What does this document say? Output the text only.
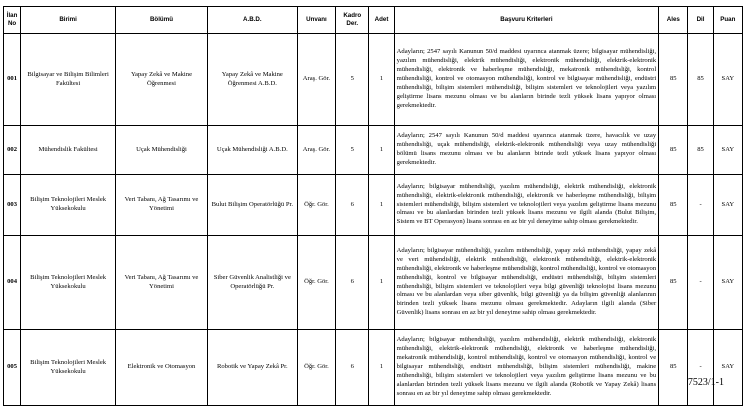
İlan No	Birimi	Bölümü	A.B.D.	Unvanı	Kadro Der.	Adet	Başvuru Kriterleri	Ales	Dil	Puan
001	Bilgisayar ve Bilişim Bilimleri Fakültesi	Yapay Zekâ ve Makine Öğrenmesi	Yapay Zekâ ve Makine Öğrenmesi A.B.D.	Araş. Gör.	5	1	Adayların; 2547 sayılı Kanunun 50/d maddesi uyarınca atanmak üzere; bilgisayar mühendisliği, yazılım mühendisliği, elektrik mühendisliği, elektronik mühendisliği, elektrik-elektronik mühendisliği, elektronik ve haberleşme mühendisliği, mekatronik mühendisliği, kontrol mühendisliği, kontrol ve otomasyon mühendisliği, kontrol ve bilgisayar mühendisliği, endüstri mühendisliği, bilişim sistemleri mühendisliği, bilişim sistemleri ve teknolojileri veya yazılım geliştirme lisans mezunu olması ve bu alanların birinde tezli yüksek lisans yapıyor olması gerekmektedir.	85	85	SAY
002	Mühendislik Fakültesi	Uçak Mühendisliği	Uçak Mühendisliği A.B.D.	Araş. Gör.	5	1	Adayların; 2547 sayılı Kanunun 50/d maddesi uyarınca atanmak üzere, havacılık ve uzay mühendisliği, uçak mühendisliği, elektrik-elektronik mühendisliği veya uzay mühendisliği bölümü lisans mezunu olması ve bu alanların birinde tezli yüksek lisans yapıyor olması gerekmektedir.	85	85	SAY
003	Bilişim Teknolojileri Meslek Yüksekokulu	Veri Tabanı, Ağ Tasarımı ve Yönetimi	Bulut Bilişim Operatörlüğü Pr.	Öğr. Gör.	6	1	Adayların; bilgisayar mühendisliği, yazılım mühendisliği, elektrik mühendisliği, elektronik mühendisliği, elektrik-elektronik mühendisliği, elektronik ve haberleşme mühendisliği, bilişim sistemleri mühendisliği, bilişim sistemleri ve teknolojileri veya yazılım geliştirme lisans mezunu olması ve bu alanlardan birinden tezli yüksek lisans mezunu ve ilgili alanda (Bulut Bilişim, Sistem ve BT Operasyon) lisans sonrası en az bir yıl deneyime sahip olması gerekmektedir.	85	-	SAY
004	Bilişim Teknolojileri Meslek Yüksekokulu	Veri Tabanı, Ağ Tasarımı ve Yönetimi	Siber Güvenlik Analistliği ve Operatörlüğü Pr.	Öğr. Gör.	6	1	Adayların; bilgisayar mühendisliği, yazılım mühendisliği, yapay zekâ mühendisliği, yapay zekâ ve veri mühendisliği, elektrik mühendisliği, elektronik mühendisliği, elektrik-elektronik mühendisliği, elektronik ve haberleşme mühendisliği, kontrol mühendisliği, kontrol ve otomasyon mühendisliği, kontrol ve bilgisayar mühendisliği, endüstri mühendisliği, bilişim sistemleri mühendisliği, bilişim sistemleri ve teknolojileri veya bilgi güvenliği teknolojisi lisans mezunu olması ve bu alanlardan veya siber güvenlik, bilgi güvenliği ya da bilişim güvenliği alanlarının birinden tezli yüksek lisans mezunu olması gerekmektedir. Adayların ilgili alanda (Siber Güvenlik) lisans sonrası en az bir yıl deneyime sahip olması gerekmektedir.	85	-	SAY
005	Bilişim Teknolojileri Meslek Yüksekokulu	Elektronik ve Otomasyon	Robotik ve Yapay Zekâ Pr.	Öğr. Gör.	6	1	Adayların; bilgisayar mühendisliği, yazılım mühendisliği, elektrik mühendisliği, elektronik mühendisliği, elektrik-elektronik mühendisliği, elektronik ve haberleşme mühendisliği, mekatronik mühendisliği, kontrol mühendisliği, kontrol ve otomasyon mühendisliği, kontrol ve bilgisayar mühendisliği, endüstri mühendisliği, bilişim sistemleri mühendisliği, makine mühendisliği, bilişim sistemleri ve teknolojileri veya yazılım geliştirme lisans mezunu ve bu alanlardan birinden tezli yüksek lisans mezunu ve ilgili alanda (Robotik ve Yapay Zekâ) lisans sonrası en az bir yıl deneyime sahip olması gerekmektedir.	85	-	SAY
7523/1-1
